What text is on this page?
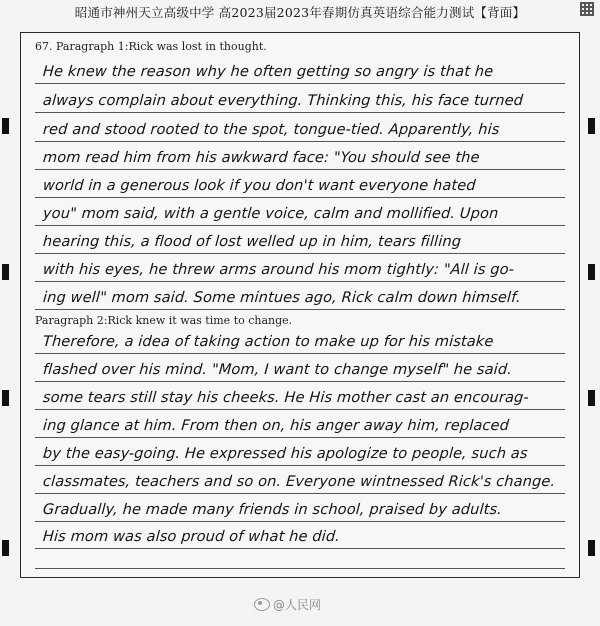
昭通市神州天立高级中学 高2023届2023年春期仿真英语综合能力测试【背面】
67. Paragraph 1:Rick was lost in thought.
He knew the reason why he often getting so angry is that he
always complain about everything. Thinking this, his face turned
red and stood rooted to the spot, tongue-tied. Apparently, his
mom read him from his awkward face: "You should see the
world in a generous look if you don't want everyone hated
you" mom said, with a gentle voice, calm and mollified. Upon
hearing this, a flood of lost welled up in him, tears filling
with his eyes, he threw arms around his mom tightly: "All is go-
ing well" mom said. Some mintues ago, Rick calm down himself.
Paragraph 2:Rick knew it was time to change.
Therefore, a idea of taking action to make up for his mistake
flashed over his mind. "Mom, I want to change myself" he said.
some tears still stay his cheeks. He His mother cast an encourag-
ing glance at him. From then on, his anger away him, replaced
by the easy-going. He expressed his apologize to people, such as
classmates, teachers and so on. Everyone wintnessed Rick's change.
Gradually, he made many friends in school, praised by adults.
His mom was also proud of what he did.
@人民网
